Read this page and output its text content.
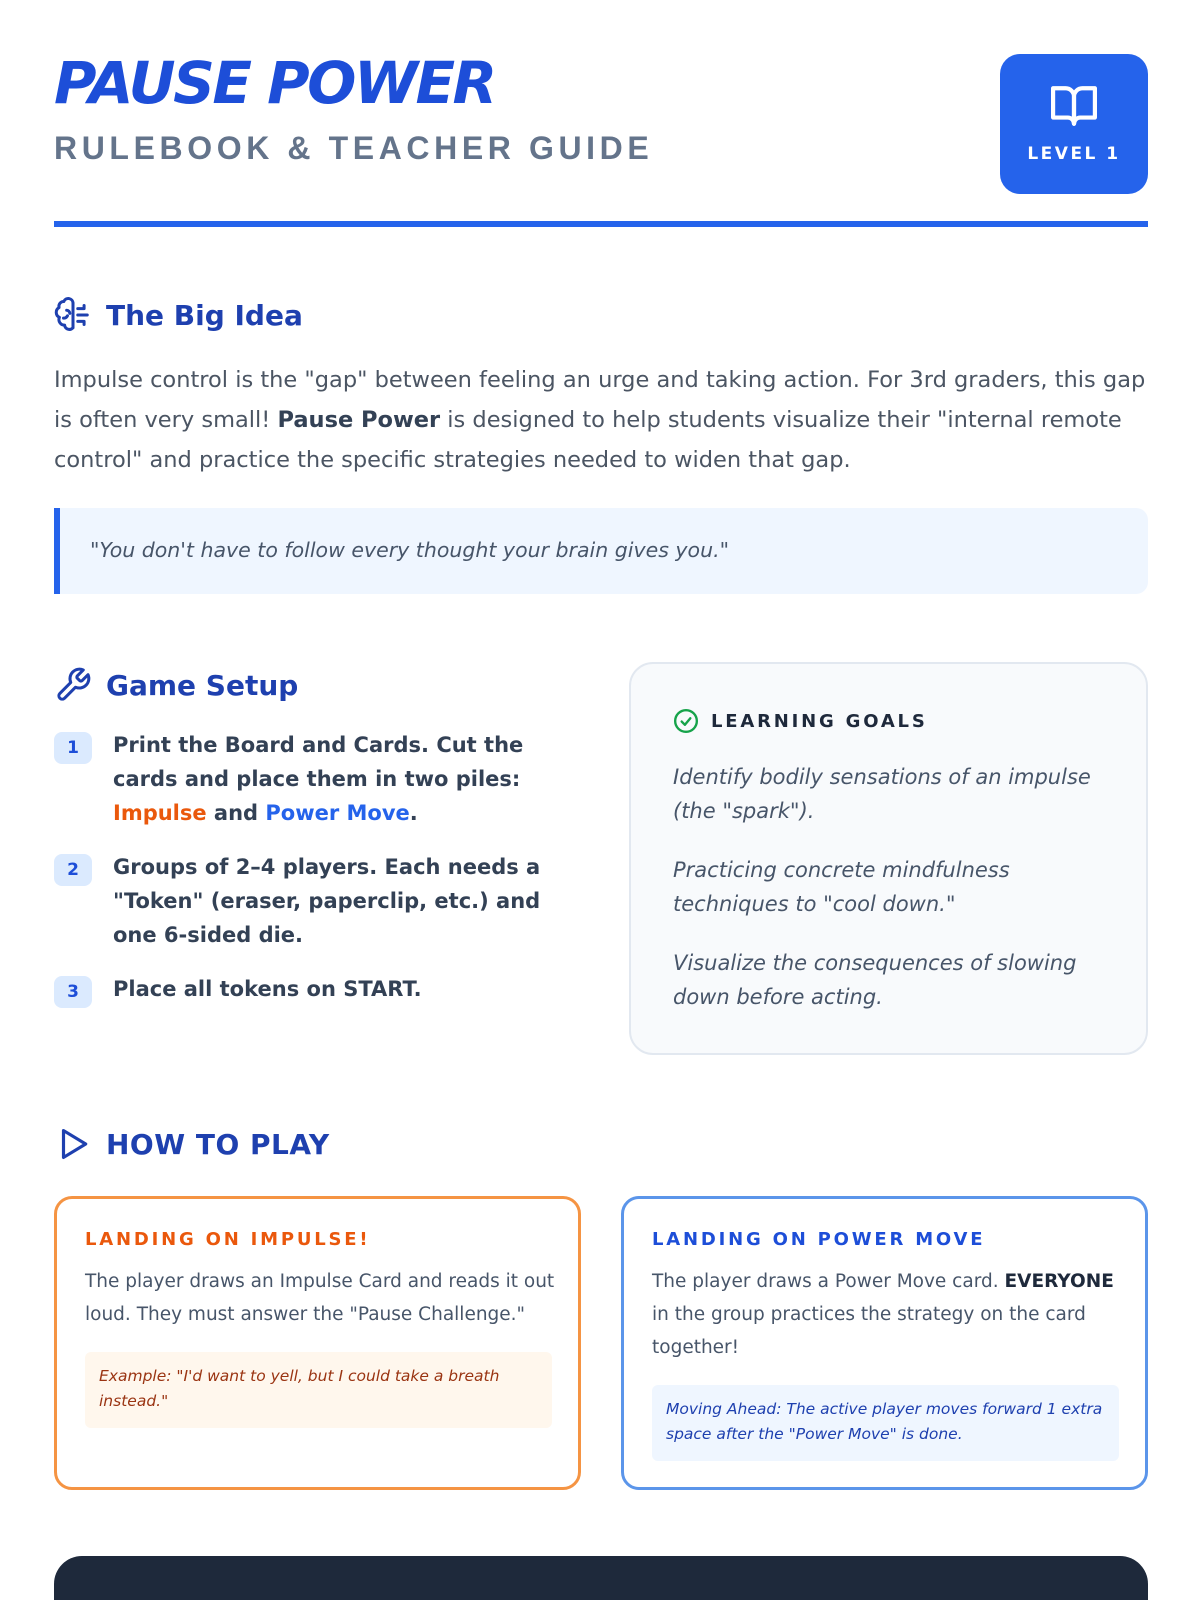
PAUSE POWER
RULEBOOK & TEACHER GUIDE	LEVEL 1
The Big Idea

Impulse control is the "gap" between feeling an urge and taking action. For 3rd graders, this gap is often very small! Pause Power is designed to help students visualize their "internal remote control" and practice the specific strategies needed to widen that gap.

"You don't have to follow every thought your brain gives you."
Game Setup
1	Print the Board and Cards. Cut the cards and place them in two piles: Impulse and Power Move.
2	Groups of 2–4 players. Each needs a "Token" (eraser, paperclip, etc.) and one 6-sided die.
3	Place all tokens on START.
LEARNING GOALS
Identify bodily sensations of an impulse (the "spark").
Practicing concrete mindfulness techniques to "cool down."
Visualize the consequences of slowing down before acting.
HOW TO PLAY
LANDING ON IMPULSE!
The player draws an Impulse Card and reads it out loud. They must answer the "Pause Challenge."
Example: "I'd want to yell, but I could take a breath instead."
LANDING ON POWER MOVE
The player draws a Power Move card. EVERYONE in the group practices the strategy on the card together!
Moving Ahead: The active player moves forward 1 extra space after the "Power Move" is done.
